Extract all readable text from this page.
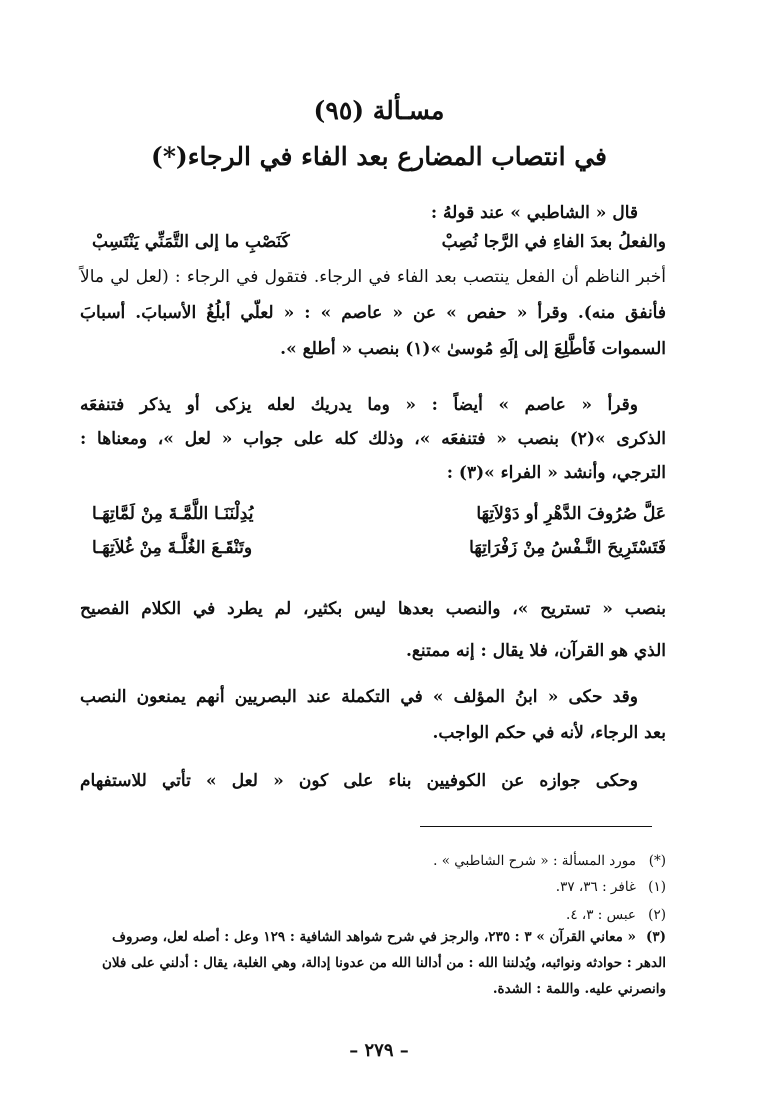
مسـألة (٩٥)
في انتصاب المضارع بعد الفاء في الرجاء(*)
قال « الشاطبي » عند قولهُ :
والفعلُ بعدَ الفاءِ في الرَّجا نُصِبْ
كَنَصْبِ ما إلى التَّمَنِّي يَنْتَسِبْ
أخبر الناظم أن الفعل ينتصب بعد الفاء في الرجاء. فتقول في الرجاء : (لعل لي مالاً
فأنفق منه). وقرأ « حفص » عن « عاصم » : « لعلّي أبلُغُ الأسبابَ. أسبابَ
السموات فَأطَّلِعَ إلى إلَهِ مُوسىٰ »(١) بنصب « أطلع ».
وقرأ « عاصم » أيضاً : « وما يدريك لعله يزكى أو يذكر فتنفعَه
الذكرى »(٢) بنصب « فتنفعَه »، وذلك كله على جواب « لعل »، ومعناها :
الترجي، وأنشد « الفراء »(٣) :
عَلَّ صُرُوفَ الدَّهْرِ أو دَوْلاَتِهَا
يُدِلْنَنَـا اللَّمَّـةَ مِنْ لَمَّاتِهَـا
فَتَسْتَرِيحَ النَّـفْسُ مِنْ زَفْرَاتِهَا
وتَنْقَـعَ الغُلَّـةَ مِنْ غُلاَتِهَـا
بنصب « تستريح »، والنصب بعدها ليس بكثير، لم يطرد في الكلام الفصيح
الذي هو القرآن، فلا يقال : إنه ممتنع.
وقد حكى « ابنُ المؤلف » في التكملة عند البصريين أنهم يمنعون النصب
بعد الرجاء، لأنه في حكم الواجب.
وحكى جوازه عن الكوفيين بناء على كون « لعل » تأتي للاستفهام
(*)مورد المسألة : « شرح الشاطبي » .
(١)غافر : ٣٦، ٣٧.
(٢)عبس : ٣، ٤.
(٣)« معاني القرآن » ٣ : ٢٣٥، والرجز في شرح شواهد الشافية : ١٢٩ وعل : أصله لعل، وصروف
الدهر : حوادثه ونوائبه، ويُدلننا الله : من أدالنا الله من عدونا إدالة، وهي الغلبة، يقال : أدلني على فلان
وانصرني عليه. واللمة : الشدة.
– ٢٧٩ –
